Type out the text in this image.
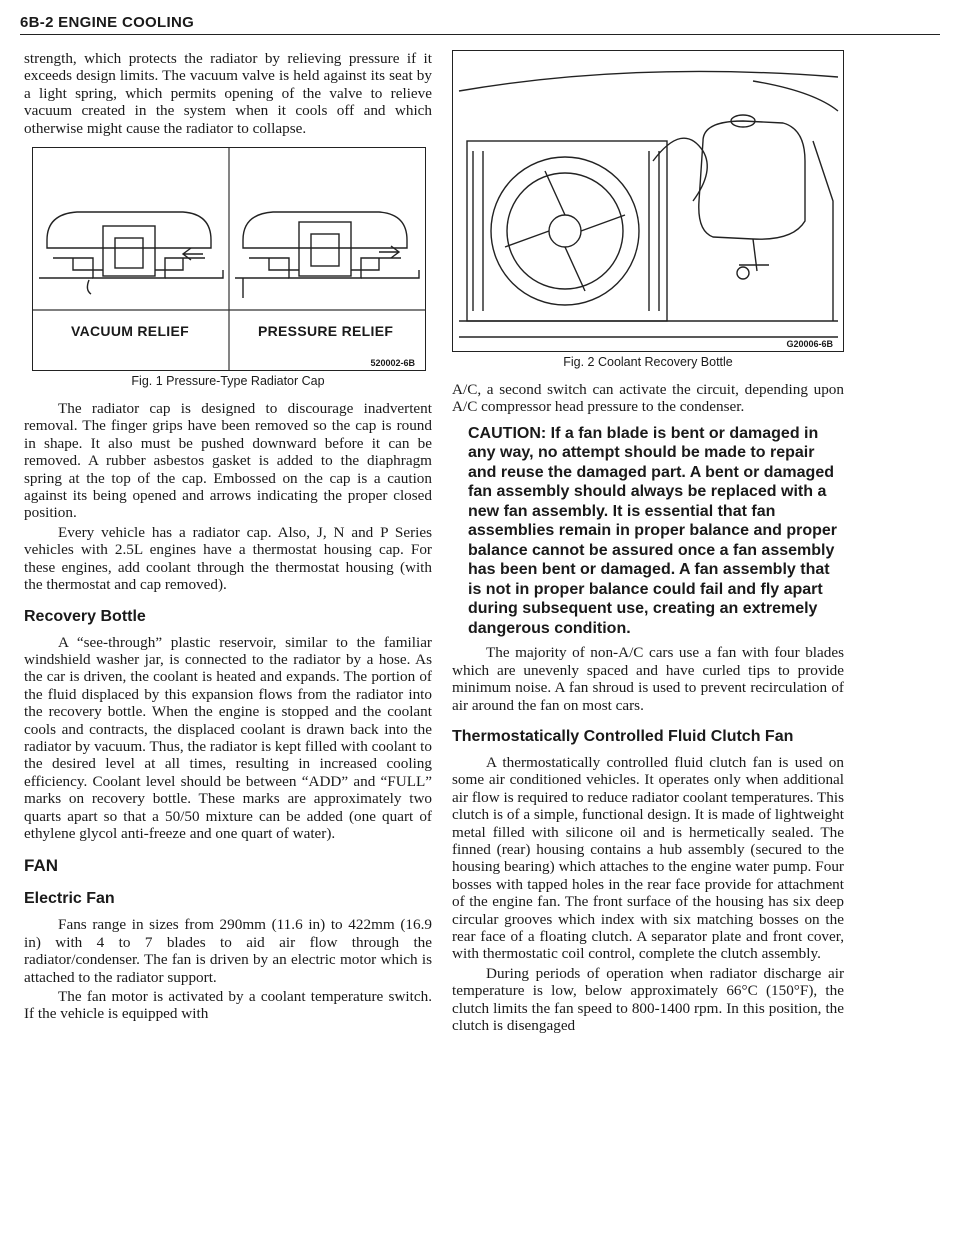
6B-2 ENGINE COOLING

strength, which protects the radiator by relieving pressure if it exceeds design limits. The vacuum valve is held against its seat by a light spring, which permits opening of the valve to relieve vacuum created in the system when it cools off and which otherwise might cause the radiator to collapse.

VACUUM RELIEF	PRESSURE RELIEF
520002-6B
Fig. 1 Pressure-Type Radiator Cap

The radiator cap is designed to discourage inadvertent removal. The finger grips have been removed so the cap is round in shape. It also must be pushed downward before it can be removed. A rubber asbestos gasket is added to the diaphragm spring at the top of the cap. Embossed on the cap is a caution against its being opened and arrows indicating the proper closed position.

Every vehicle has a radiator cap. Also, J, N and P Series vehicles with 2.5L engines have a thermostat housing cap. For these engines, add coolant through the thermostat housing (with the thermostat and cap removed).

Recovery Bottle

A “see-through” plastic reservoir, similar to the familiar windshield washer jar, is connected to the radiator by a hose. As the car is driven, the coolant is heated and expands. The portion of the fluid displaced by this expansion flows from the radiator into the recovery bottle. When the engine is stopped and the coolant cools and contracts, the displaced coolant is drawn back into the radiator by vacuum. Thus, the radiator is kept filled with coolant to the desired level at all times, resulting in increased cooling efficiency. Coolant level should be between “ADD” and “FULL” marks on recovery bottle. These marks are approximately two quarts apart so that a 50/50 mixture can be added (one quart of ethylene glycol anti-freeze and one quart of water).

FAN
Electric Fan

Fans range in sizes from 290mm (11.6 in) to 422mm (16.9 in) with 4 to 7 blades to aid air flow through the radiator/condenser. The fan is driven by an electric motor which is attached to the radiator support.

The fan motor is activated by a coolant temperature switch. If the vehicle is equipped with

G20006-6B
Fig. 2 Coolant Recovery Bottle

A/C, a second switch can activate the circuit, depending upon A/C compressor head pressure to the condenser.

CAUTION: If a fan blade is bent or damaged in any way, no attempt should be made to repair and reuse the damaged part. A bent or damaged fan assembly should always be replaced with a new fan assembly. It is essential that fan assemblies remain in proper balance and proper balance cannot be assured once a fan assembly has been bent or damaged. A fan assembly that is not in proper balance could fail and fly apart during subsequent use, creating an extremely dangerous condition.

The majority of non-A/C cars use a fan with four blades which are unevenly spaced and have curled tips to provide minimum noise. A fan shroud is used to prevent recirculation of air around the fan on most cars.

Thermostatically Controlled Fluid Clutch Fan

A thermostatically controlled fluid clutch fan is used on some air conditioned vehicles. It operates only when additional air flow is required to reduce radiator coolant temperatures. This clutch is of a simple, functional design. It is made of lightweight metal filled with silicone oil and is hermetically sealed. The finned (rear) housing contains a hub assembly (secured to the housing bearing) which attaches to the engine water pump. Four bosses with tapped holes in the rear face provide for attachment of the engine fan. The front surface of the housing has six deep circular grooves which index with six matching bosses on the rear face of a floating clutch. A separator plate and front cover, with thermostatic coil control, complete the clutch assembly.

During periods of operation when radiator discharge air temperature is low, below approximately 66°C (150°F), the clutch limits the fan speed to 800-1400 rpm. In this position, the clutch is disengaged
